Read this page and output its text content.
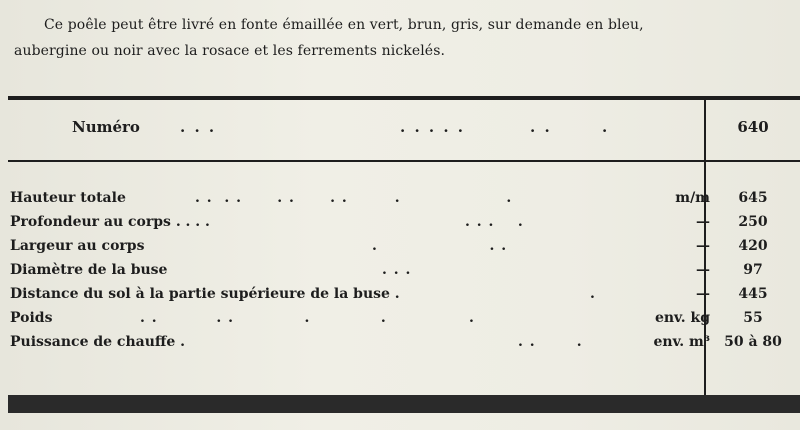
Ce poêle peut être livré en fonte émaillée en vert, brun, gris, sur demande en bleu,
aubergine ou noir avec la rosace et les ferrements nickelés.
Numéro	. . .	. . . . .	. .	.	640
Hauteur totale	. .  . .      . .      . .        .                  .	m/m	645
Profondeur au corps . . . .	. . .    .	—	250
Largeur au corps	.                   . .	—	420
Diamètre de la buse	. . .	—	97
Distance du sol à la partie supérieure de la buse .	.	—	445
Poids	. .          . .            .            .              .	env. kg	55
Puissance de chauffe .	. .       .	env. m³	50 à 80
